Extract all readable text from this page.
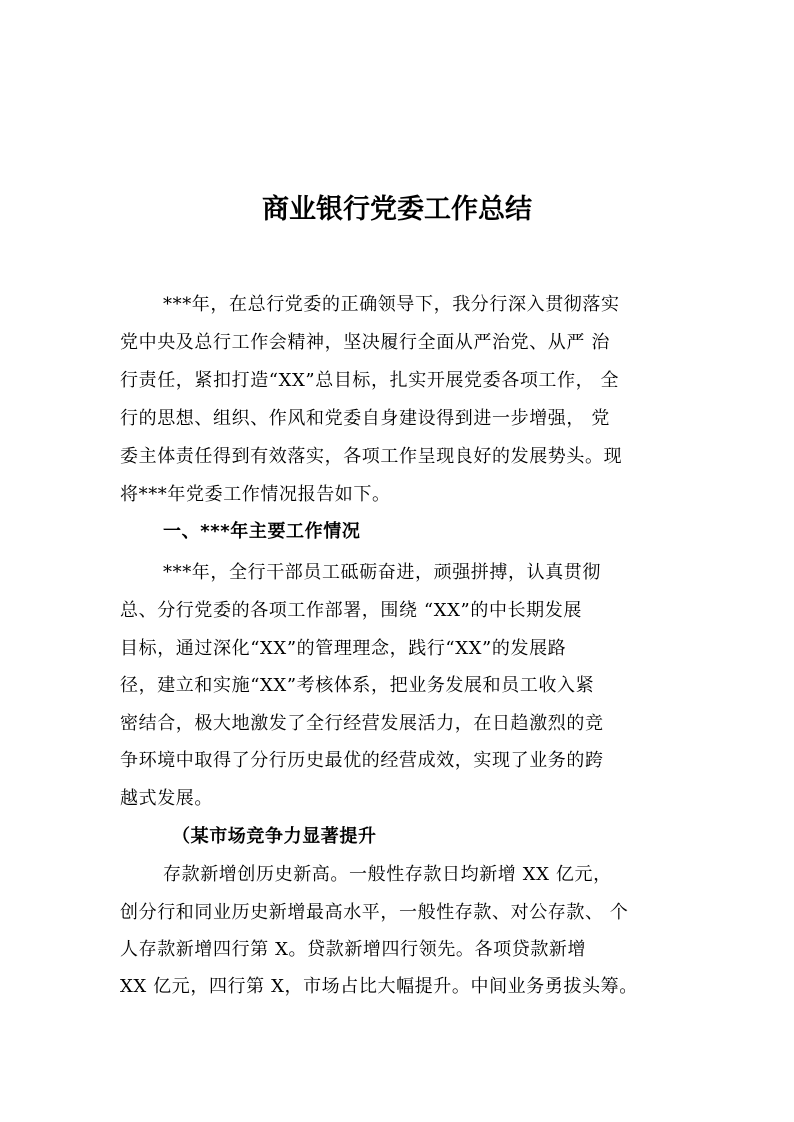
商业银行党委工作总结
***年，在总行党委的正确领导下，我分行深入贯彻落实
党中央及总行工作会精神，坚决履行全面从严治党、从严 治
行责任，紧扣打造“XX”总目标，扎实开展党委各项工作， 全
行的思想、组织、作风和党委自身建设得到进一步增强， 党
委主体责任得到有效落实，各项工作呈现良好的发展势头。现
将***年党委工作情况报告如下。
一、***年主要工作情况
***年，全行干部员工砥砺奋进，顽强拼搏，认真贯彻
总、分行党委的各项工作部署，围绕 “XX”的中长期发展
目标，通过深化“XX”的管理理念，践行“XX”的发展路
径，建立和实施“XX”考核体系，把业务发展和员工收入紧
密结合，极大地激发了全行经营发展活力，在日趋激烈的竞
争环境中取得了分行历史最优的经营成效，实现了业务的跨
越式发展。
（某市场竞争力显著提升
存款新增创历史新高。一般性存款日均新增 XX 亿元，
创分行和同业历史新增最高水平，一般性存款、对公存款、 个
人存款新增四行第 X。贷款新增四行领先。各项贷款新增
XX 亿元，四行第 X，市场占比大幅提升。中间业务勇拔头筹。
